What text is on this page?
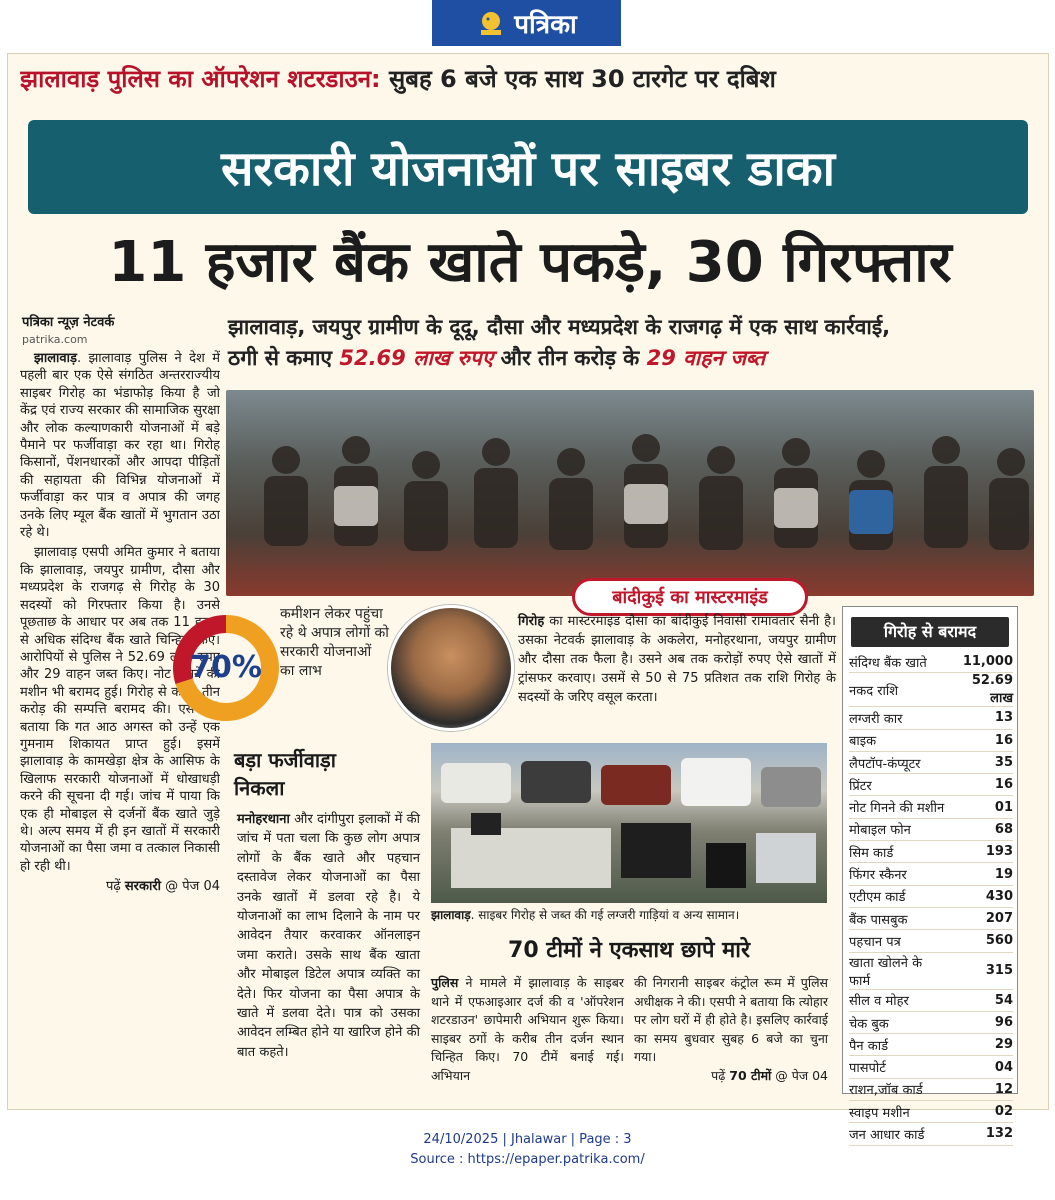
पत्रिका
झालावाड़ पुलिस का ऑपरेशन शटरडाउन: सुबह 6 बजे एक साथ 30 टारगेट पर दबिश
सरकारी योजनाओं पर साइबर डाका
11 हजार बैंक खाते पकड़े, 30 गिरफ्तार
पत्रिका न्यूज़ नेटवर्क
patrika.com
झालावाड़, जयपुर ग्रामीण के दूदू, दौसा और मध्यप्रदेश के राजगढ़ में एक साथ कार्रवाई,
ठगी से कमाए 52.69 लाख रुपए और तीन करोड़ के 29 वाहन जब्त

झालावाड़. झालावाड़ पुलिस ने देश में पहली बार एक ऐसे संगठित अन्तरराज्यीय साइबर गिरोह का भंडाफोड़ किया है जो केंद्र एवं राज्य सरकार की सामाजिक सुरक्षा और लोक कल्याणकारी योजनाओं में बड़े पैमाने पर फर्जीवाड़ा कर रहा था। गिरोह किसानों, पेंशनधारकों और आपदा पीड़ितों की सहायता की विभिन्न योजनाओं में फर्जीवाड़ा कर पात्र व अपात्र की जगह उनके लिए म्यूल बैंक खातों में भुगतान उठा रहे थे।

झालावाड़ एसपी अमित कुमार ने बताया कि झालावाड़, जयपुर ग्रामीण, दौसा और मध्यप्रदेश के राजगढ़ से गिरोह के 30 सदस्यों को गिरफ्तार किया है। उनसे पूछताछ के आधार पर अब तक 11 हजार से अधिक संदिग्ध बैंक खाते चिन्हित किए। आरोपियों से पुलिस ने 52.69 लाख रुपए और 29 वाहन जब्त किए। नोट गिनने की मशीन भी बरामद हुई। गिरोह से करीब तीन करोड़ की सम्पत्ति बरामद की। एसपी ने बताया कि गत आठ अगस्त को उन्हें एक गुमनाम शिकायत प्राप्त हुई। इसमें झालावाड़ के कामखेड़ा क्षेत्र के आसिफ के खिलाफ सरकारी योजनाओं में धोखाधड़ी करने की सूचना दी गई। जांच में पाया कि एक ही मोबाइल से दर्जनों बैंक खाते जुड़े थे। अल्प समय में ही इन खातों में सरकारी योजनाओं का पैसा जमा व तत्काल निकासी हो रही थी।

पढ़ें सरकारी @ पेज 04

बांदीकुई का मास्टरमाइंड
70%
कमीशन लेकर पहुंचा रहे थे अपात्र लोगों को सरकारी योजनाओं का लाभ
गिरोह का मास्टरमाइंड दौसा का बांदीकुई निवासी रामावतार सैनी है। उसका नेटवर्क झालावाड़ के अकलेरा, मनोहरथाना, जयपुर ग्रामीण और दौसा तक फैला है। उसने अब तक करोड़ों रुपए ऐसे खातों में ट्रांसफर करवाए। उसमें से 50 से 75 प्रतिशत तक राशि गिरोह के सदस्यों के जरिए वसूल करता।
बड़ा फर्जीवाड़ा
निकला
मनोहरथाना और दांगीपुरा इलाकों में की जांच में पता चला कि कुछ लोग अपात्र लोगों के बैंक खाते और पहचान दस्तावेज लेकर योजनाओं का पैसा उनके खातों में डलवा रहे है। ये योजनाओं का लाभ दिलाने के नाम पर आवेदन तैयार करवाकर ऑनलाइन जमा कराते। उसके साथ बैंक खाता और मोबाइल डिटेल अपात्र व्यक्ति का देते। फिर योजना का पैसा अपात्र के खाते में डलवा देते। पात्र को उसका आवेदन लम्बित होने या खारिज होने की बात कहते।
झालावाड़. साइबर गिरोह से जब्त की गई लग्जरी गाड़ियां व अन्य सामान।
70 टीमों ने एकसाथ छापे मारे
पुलिस ने मामले में झालावाड़ के साइबर थाने में एफआइआर दर्ज की व 'ऑपरेशन शटरडाउन' छापेमारी अभियान शुरू किया। साइबर ठगों के करीब तीन दर्जन स्थान चिन्हित किए। 70 टीमें बनाई गई। अभियान
की निगरानी साइबर कंट्रोल रूम में पुलिस अधीक्षक ने की। एसपी ने बताया कि त्योहार पर लोग घरों में ही होते है। इसलिए कार्रवाई का समय बुधवार सुबह 6 बजे का चुना गया।
पढ़ें 70 टीमों @ पेज 04
गिरोह से बरामद
संदिग्ध बैंक खाते	11,000
नकद राशि	52.69 लाख
लग्जरी कार	13
बाइक	16
लैपटॉप-कंप्यूटर	35
प्रिंटर	16
नोट गिनने की मशीन	01
मोबाइल फोन	68
सिम कार्ड	193
फिंगर स्कैनर	19
एटीएम कार्ड	430
बैंक पासबुक	207
पहचान पत्र	560
खाता खोलने के फार्म	315
सील व मोहर	54
चेक बुक	96
पैन कार्ड	29
पासपोर्ट	04
राशन,जॉब कार्ड	12
स्वाइप मशीन	02
जन आधार कार्ड	132
24/10/2025 | Jhalawar | Page : 3
Source : https://epaper.patrika.com/
